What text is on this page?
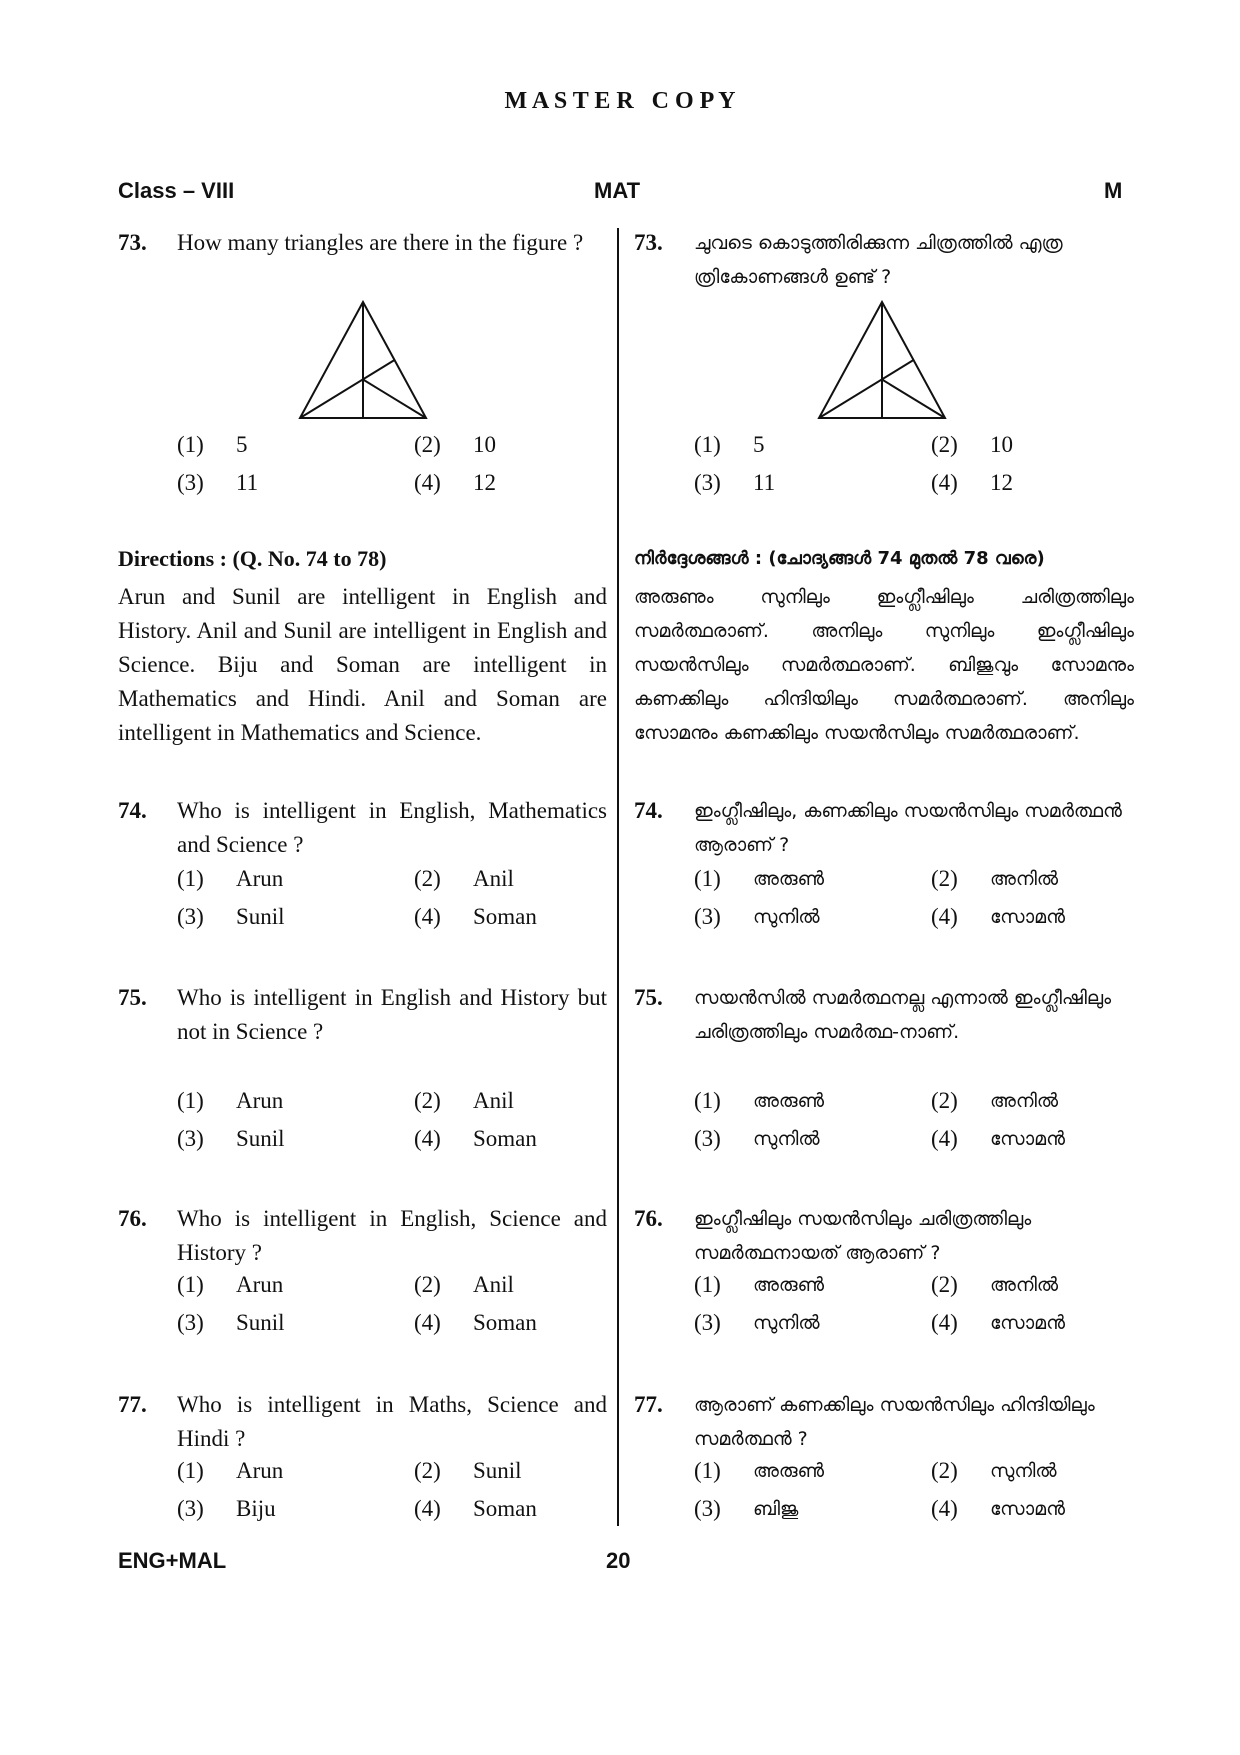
M A S T E R   C O P Y
Class – VIII	MAT	M
73. How many triangles are there in the figure ?
(1) 5	(2) 10
(3) 11	(4) 12
Directions : (Q. No. 74 to 78)
Arun and Sunil are intelligent in English and History. Anil and Sunil are intelligent in English and Science. Biju and Soman are intelligent in Mathematics and Hindi. Anil and Soman are intelligent in Mathematics and Science.
74. Who is intelligent in English, Mathematics and Science ?
(1) Arun	(2) Anil
(3) Sunil	(4) Soman
75. Who is intelligent in English and History but not in Science ?
(1) Arun	(2) Anil
(3) Sunil	(4) Soman
76. Who is intelligent in English, Science and History ?
(1) Arun	(2) Anil
(3) Sunil	(4) Soman
77. Who is intelligent in Maths, Science and Hindi ?
(1) Arun	(2) Sunil
(3) Biju	(4) Soman
73. ചുവടെ കൊടുത്തിരിക്കുന്ന ചിത്രത്തിൽ എത്ര ത്രികോണങ്ങൾ ഉണ്ട് ?
(1) 5	(2) 10
(3) 11	(4) 12
നിർദ്ദേശങ്ങൾ : (ചോദ്യങ്ങൾ 74 മുതൽ 78 വരെ)
അരുണും സുനിലും ഇംഗ്ലീഷിലും ചരിത്രത്തിലും സമർത്ഥരാണ്. അനിലും സുനിലും ഇംഗ്ലീഷിലും സയൻസിലും സമർത്ഥരാണ്. ബിജുവും സോമനും കണക്കിലും ഹിന്ദിയിലും സമർത്ഥരാണ്. അനിലും സോമനും കണക്കിലും സയൻസിലും സമർത്ഥരാണ്.
74. ഇംഗ്ലീഷിലും, കണക്കിലും സയൻസിലും സമർത്ഥൻ ആരാണ് ?
(1) അരുൺ	(2) അനിൽ
(3) സുനിൽ	(4) സോമൻ
75. സയൻസിൽ സമർത്ഥനല്ല എന്നാൽ ഇംഗ്ലീഷിലും ചരിത്രത്തിലും സമർത്ഥ-നാണ്.
(1) അരുൺ	(2) അനിൽ
(3) സുനിൽ	(4) സോമൻ
76. ഇംഗ്ലീഷിലും സയൻസിലും ചരിത്രത്തിലും സമർത്ഥനായത് ആരാണ് ?
(1) അരുൺ	(2) അനിൽ
(3) സുനിൽ	(4) സോമൻ
77. ആരാണ് കണക്കിലും സയൻസിലും ഹിന്ദിയിലും സമർത്ഥൻ ?
(1) അരുൺ	(2) സുനിൽ
(3) ബിജു	(4) സോമൻ
ENG+MAL	20
